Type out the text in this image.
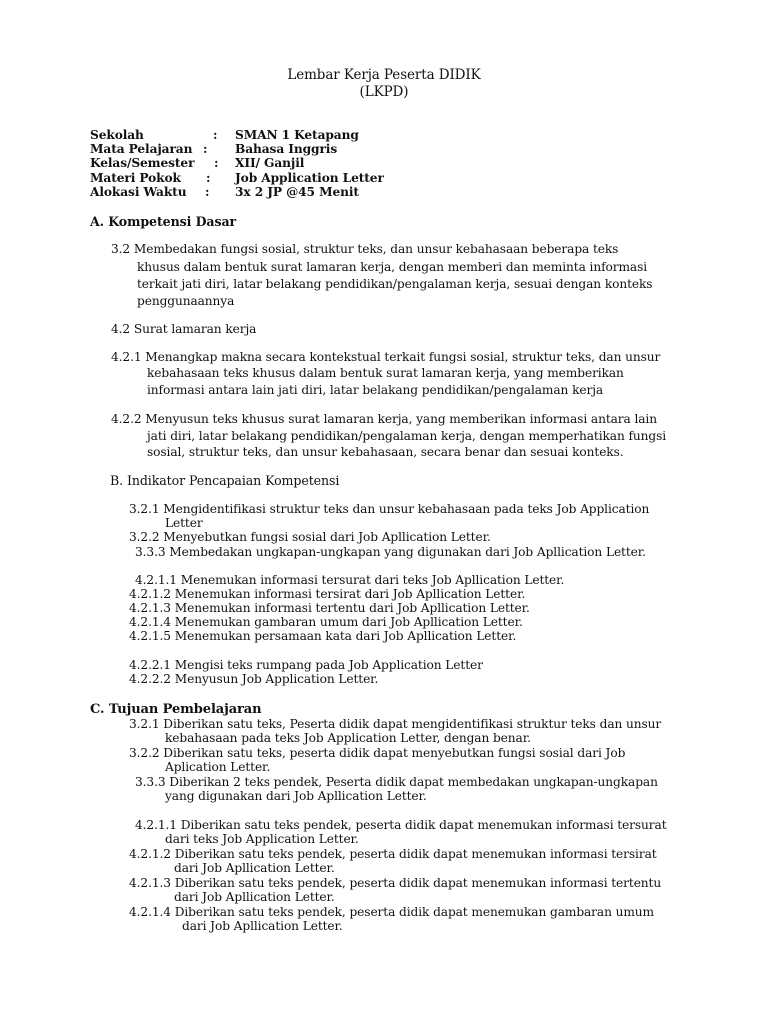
Lembar Kerja Peserta DIDIK
(LKPD)
Sekolah	: SMAN 1 Ketapang
Mata Pelajaran : Bahasa Inggris
Kelas/Semester : XII/ Ganjil
Materi Pokok : Job Application Letter
Alokasi Waktu : 3x 2 JP @45 Menit
A. Kompetensi Dasar
3.2 Membedakan fungsi sosial, struktur teks, dan unsur kebahasaan beberapa teks
khusus dalam bentuk surat lamaran kerja, dengan memberi dan meminta informasi
terkait jati diri, latar belakang pendidikan/pengalaman kerja, sesuai dengan konteks
penggunaannya
4.2 Surat lamaran kerja
4.2.1 Menangkap makna secara kontekstual terkait fungsi sosial, struktur teks, dan unsur
kebahasaan teks khusus dalam bentuk surat lamaran kerja, yang memberikan
informasi antara lain jati diri, latar belakang pendidikan/pengalaman kerja
4.2.2 Menyusun teks khusus surat lamaran kerja, yang memberikan informasi antara lain
jati diri, latar belakang pendidikan/pengalaman kerja, dengan memperhatikan fungsi
sosial, struktur teks, dan unsur kebahasaan, secara benar dan sesuai konteks.
B. Indikator Pencapaian Kompetensi
3.2.1 Mengidentifikasi struktur teks dan unsur kebahasaan pada teks Job Application
Letter
3.2.2 Menyebutkan fungsi sosial dari Job Apllication Letter.
3.3.3 Membedakan ungkapan-ungkapan yang digunakan dari Job Apllication Letter.
4.2.1.1 Menemukan informasi tersurat dari teks Job Apllication Letter.
4.2.1.2 Menemukan informasi tersirat dari Job Apllication Letter.
4.2.1.3 Menemukan informasi tertentu dari Job Apllication Letter.
4.2.1.4 Menemukan gambaran umum dari Job Apllication Letter.
4.2.1.5 Menemukan persamaan kata dari Job Apllication Letter.
4.2.2.1 Mengisi teks rumpang pada Job Application Letter
4.2.2.2 Menyusun Job Application Letter.
C. Tujuan Pembelajaran
3.2.1 Diberikan satu teks, Peserta didik dapat mengidentifikasi struktur teks dan unsur
kebahasaan pada teks Job Application Letter, dengan benar.
3.2.2 Diberikan satu teks, peserta didik dapat menyebutkan fungsi sosial dari Job
Aplication Letter.
3.3.3 Diberikan 2 teks pendek, Peserta didik dapat membedakan ungkapan-ungkapan
yang digunakan dari Job Apllication Letter.
4.2.1.1 Diberikan satu teks pendek, peserta didik dapat menemukan informasi tersurat
dari teks Job Application Letter.
4.2.1.2 Diberikan satu teks pendek, peserta didik dapat menemukan informasi tersirat
dari Job Apllication Letter.
4.2.1.3 Diberikan satu teks pendek, peserta didik dapat menemukan informasi tertentu
dari Job Apllication Letter.
4.2.1.4 Diberikan satu teks pendek, peserta didik dapat menemukan gambaran umum
dari Job Apllication Letter.
